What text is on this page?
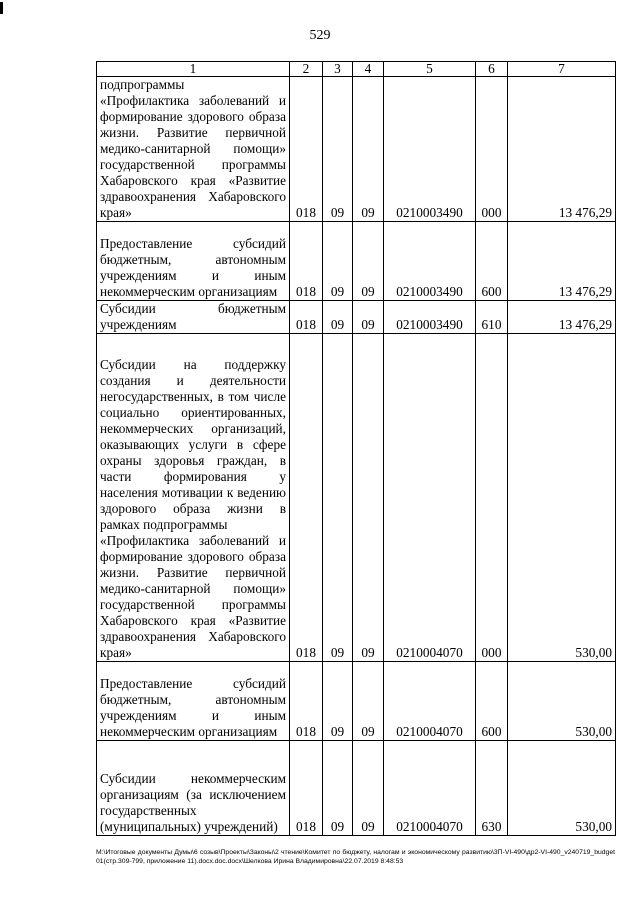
529
1	2	3	4	5	6	7
подпрограммы
«Профилактика заболеваний и формирование здорового образа жизни. Развитие первичной медико-санитарной помощи» государственной программы Хабаровского края «Развитие здравоохранения Хабаровского края»	018	09	09	0210003490	000	13 476,29
Предоставление субсидий бюджетным, автономным учреждениям и иным некоммерческим организациям	018	09	09	0210003490	600	13 476,29
Субсидии бюджетным учреждениям	018	09	09	0210003490	610	13 476,29
Субсидии на поддержку создания и деятельности негосударственных, в том числе социально ориентированных, некоммерческих организаций, оказывающих услуги в сфере охраны здоровья граждан, в части формирования у населения мотивации к ведению здорового образа жизни в рамках подпрограммы
«Профилактика заболеваний и формирование здорового образа жизни. Развитие первичной медико-санитарной помощи» государственной программы Хабаровского края «Развитие здравоохранения Хабаровского края»	018	09	09	0210004070	000	530,00
Предоставление субсидий бюджетным, автономным учреждениям и иным некоммерческим организациям	018	09	09	0210004070	600	530,00
Субсидии некоммерческим организациям (за исключением государственных (муниципальных) учреждений)	018	09	09	0210004070	630	530,00
M:\Итоговые документы Думы\6 созыв\Проекты\Законы\2 чтение\Комитет по бюджету, налогам и экономическому развитию\3П-VI-490\др2-VI-490_v240719_budget01(стр.309-799, приложение 11).docx.doc.docx\Шелкова Ирина Владимировна\22.07.2019 8:48:53
